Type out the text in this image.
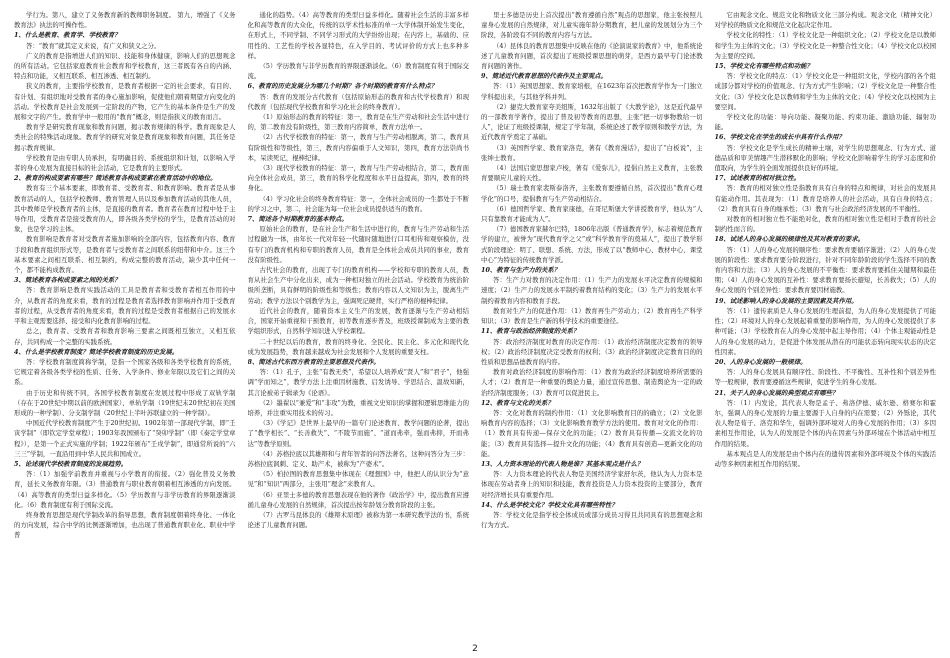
学行为。第八，建立了义务教育新的教师职务制度。 第九，增强了《义务教育法》执法的可操作性。

1、什么是教育、教育学、学校教育？

答：“教育”就其定义来说，有广义和狭义之分。

广义的教育是指增进人们的知识、技能和身体健康，影响人们的思想观念的所有活动。它包括家庭教育社会教育和学校教育，这三者既有各自的内涵、特点和功能，又相互联系、相互渗透、相互制约。

狭义的教育，主要指学校教育，是教育者根据一定的社会要求，有目的、有计划、有组织地对受教育者的身心施加影响，促使他们朝着期望方向变化的活动。学校教育是社会发展到一定阶段的产物，它产生的基本条件是生产的发展和文字的产生。教育学中一般用的“教育”概念，则是指狭义的教育而言。

教育学是研究教育现象和教育问题，揭示教育规律的科学。教育现象是人类社会的特殊活动现象。教育学的研究对象是教育现象和教育问题，其任务是揭示教育规律。

学校教育是由专职人员承担，有明确目的、系统组织和计划，以影响入学者的身心发展为直接目标的社会活动，它是教育的主要形式。

2、教育的构成要素有哪些？简述教育各构成要素在教育活动中的地位。

教育有三个基本要素，即教育者、受教育者、和教育影响。教育者是从事教育活动的人，包括学校教师、教育管理人员以及参加教育活动的其他人员，其中教师是学校教育者的主体，是直接的教育者。教育者在教育过程中处于主导作用，受教育者是接受教育的人，即各级各类学校的学生，是教育活动的对象，也是学习的主体。

教育影响是教育者对受教育者施加影响的全部内容，包括教育内容、教育手段和教育组织形式等，是教育者与受教育者之间联系的纽带和中介。这三个基本要素之间相互联系、相互制约，构成完整的教育活动，缺少其中任何一个，都不能构成教育。

3、简述教育各构成要素之间的关系？

答：教育影响是教育实践活动的工具是教育者和受教育者相互作用的中介，从教育者的角度来看，教育的过程是教育者选择教育影响并作用于受教育者的过程，从受教育者的角度来看，教育的过程是受教育者根据自己的发展水平和主观需要选择、接受和内化教育影响的过程。

总之，教育者、受教育者和教育影响三要素之间既相互独立，又相互依存，共同构成一个完整的实践系统。

4、什么是学校教育制度？简述学校教育制度的历史发展。

答：学校教育制度简称学制，是指一个国家各级和各类学校教育的系统，它规定着各级各类学校的性质、任务、入学条件、修业年限以及它们之间的关系。

由于历史和传统不同，各国学校教育制度在发展过程中形成了双轨学制（存在于20世纪中期以前的欧洲国家）、单轨学制（19世纪末20世纪初在美国形成的一种学制）、分支制学制（20世纪上半叶苏联建立的一种学制）。

中国近代学校教育制度产生于20世纪初。1902年第一部现代学制，即“壬寅学制”（即钦定学堂章程）；1903年我国颁布了“癸卯学制”（即《奏定学堂章程》），是第一个正式实施的学制；1922年颁布“壬戌学制”，即通常所说的“六三三”学制，一直沿用到中华人民共和国成立。

5、论述现代学校教育制度的发展趋势。

答：（1）加强学前教育并重视与小学教育的衔接。（2）强化普及义务教育，延长义务教育年限。（3）普通教育与职业教育朝着相互渗透的方向发展。（4）高等教育的类型日益多样化。（5）学历教育与非学历教育的界限逐渐淡化。（6）教育制度有利于国际交流。

终身教育思想是现代学制改革的指导思想，教育制度朝着终身化、一体化的方向发展，综合中学的比例逐渐增加，也出现了普通教育职业化、职业中学普

通化的趋势。（4）高等教育的类型日益多样化。随着社会生活的丰富多样化和高等教育的大众化，传统的以学术性标准的单一大学体制开始发生变化，在形式上，不同学制、不同学习形式的大学纷纷出现；在内容上，基础的、应用性的、工艺性的学校各显特色，在入学目的、考试评价的方式上也多种多样。

（5）学历教育与非学历教育的界限逐渐淡化。（6）教育制度有利于国际交流。

6、教育的历史发展分为哪几个时期？各个时期的教育有什么特点？

答：教育的发展分古代教育（包括原始形态的教育和古代学校教育）和现代教育（包括现代学校教育和学习化社会的终身教育）。

（1）原始形态的教育的特征：第一，教育是在生产劳动和社会生活中进行的，第二教育没有阶级性，第三教育内容简单，教育方法单一。

（2）古代学校教育的特征：第一，教育与生产劳动相脱离，第二，教育具有阶级性和等级性，第三，教育内容偏重于人文知识，第四，教育方法崇尚书本，呆读死记，棍棒纪律。

（3）现代学校教育的特征：第一，教育与生产劳动相结合，第二，教育面向全体社会成员，第三，教育的科学化程度和水平日益提高，第四，教育的终身化。

（4）学习化社会的终身教育特征：第一，全体社会成员的一生都处于不断的学习之中，第二，社会能为每一位社会成员提供适当的教育。

7、简述各个时期教育的基本特点。

原始社会的教育，是在社会生产和生活中进行的，教育与生产劳动和生活过程融为一体，由年长一代对年轻一代随时随地进行口耳相传和观察模仿，没有专门的教育机构和专职的教育人员，教育是全体社会成员共同的事业，教育没有阶级性。

古代社会的教育，出现了专门的教育机构——学校和专职的教育人员，教育从社会生产中分化出来，成为一种相对独立的社会活动。学校教育为统治阶级所垄断，具有鲜明的阶级性和等级性；教育内容以人文知识为主，脱离生产劳动；教学方法以个别教学为主，强调死记硬背，实行严格的棍棒纪律。

近代社会的教育，随着资本主义生产的发展，教育逐渐与生产劳动相结合，国家开始重视和干预教育，初等教育逐步普及，班级授课制成为主要的教学组织形式，自然科学知识进入学校课程。

二十世纪以后的教育，教育的终身化、全民化、民主化、多元化和现代化成为发展趋势，教育越来越成为社会发展和个人发展的重要支柱。

8、简述古代东西方教育的主要思想及代表作。

答：（1）孔子，主张“有教无类”，希望以人培养成“贤人”和“君子”，他强调“学而知之”，教学方法上注重因材施教、启发诱导、学思结合、温故知新，其言论被弟子辑录为《论语》。

（2）墨翟以“兼爱”和“非攻”为教，重视文史知识的掌握和逻辑思维能力的培养，并注重实用技术的传习。

（3）《学记》是世界上最早的一篇专门论述教育、教学问题的论著，提出了“教学相长”、“长善救失”、“不陵节而施”、“道而弗牵，强而弗抑，开而弗达”等教学原则。

（4）苏格拉底以其雄辩和与青年智者的问答法著名，这种问答分为三步：苏格拉底讽刺、定义、助产术，被称为“产婆术”。

（5）柏拉图的教育思想集中体现在《理想国》中，他把人的认识分为“意见”和“知识”两部分，主张用“理念”来教育人。

（6）亚里士多德的教育思想表现在他的著作《政治学》中，提出教育应遵循儿童身心发展的自然规律，首次提出按年龄划分教育阶段的主张。

（7）古罗马昆体良的《雄辩术原理》被称为第一本研究教学法的书，系统论述了儿童教育问题。

里士多德是历史上首次提出“教育遵循自然”观点的思想家，他主张按照儿童身心发展的自然规律，对儿童实施年龄分期教育，把儿童的发展划分为三个阶段，各阶段有不同的教育内容与方法。

（4）昆体良的教育思想集中反映在他的《论演说家的教育》中，他系统论述了儿童教育问题，首次提出了班级授课思想的萌芽，是西方最早专门论述教育问题的著作。

9、简述近代教育思想的代表作及主要观点。

答：（1）英国思想家、教育家培根，在1623年首次把教育学作为一门独立学科提出来，与其他学科并列。

（2）捷克大教育家夸美纽斯，1632年出版了《大教学论》，这是近代最早的一部教育学著作，提出了普及初等教育的思想，主张“把一切事物教给一切人”，论证了班级授课制，规定了学年制，系统论述了教学原则和教学方法，为近代教育学奠定了基础。

（3）英国哲学家、教育家洛克，著有《教育漫话》，提出了“白板说”，主张绅士教育。

（4）法国启蒙思想家卢梭，著有《爱弥儿》，提倡自然主义教育，主张教育要顺应儿童的天性。

（5）瑞士教育家裴斯泰洛齐，主张教育要遵循自然，首次提出“教育心理学化”的口号，提倡教育与生产劳动相结合。

（6）德国哲学家、教育家康德，在哥尼斯堡大学讲授教育学，他认为“人只有靠教育才能成为人”。

（7）德国教育家赫尔巴特，1806年出版《普通教育学》，标志着规范教育学的建立，被誉为“现代教育学之父”或“科学教育学的奠基人”，提出了教学形式阶段理论：明了、联想、系统、方法，形成了以“教师中心、教材中心、课堂中心”为特征的传统教育学派。

10、教育与生产力的关系？

答：生产力对教育的决定作用：（1）生产力的发展水平决定教育的规模和速度；（2）生产力的发展水平制约着教育结构的变化；（3）生产力的发展水平制约着教育内容和教育手段。

教育对生产力的促进作用：（1）教育再生产劳动力；（2）教育再生产科学知识；（3）教育是生产新的科学技术的重要途径。

11、教育与政治经济制度的关系？

答：政治经济制度对教育的决定作用：（1）政治经济制度决定教育的领导权；（2）政治经济制度决定受教育的权利；（3）政治经济制度决定教育目的的性质和思想品德教育的内容。

教育对政治经济制度的影响作用：（1）教育为政治经济制度培养所需要的人才；（2）教育是一种重要的舆论力量，通过宣传思想、制造舆论为一定的政治经济制度服务；（3）教育可以促进民主。

12、教育与文化的关系？

答：文化对教育的制约作用：（1）文化影响教育目的的确立；（2）文化影响教育内容的选择；（3）文化影响教育教学方法的使用。教育对文化的作用：（1）教育具有传递—保存文化的功能；（2）教育具有传播—交流文化的功能；（3）教育具有选择—提升文化的功能；（4）教育具有创造—更新文化的功能。

13、人力资本理论的代表人物是谁？其基本观点是什么？

答：人力资本理论的代表人物是美国经济学家舒尔茨，他认为人力资本是体现在劳动者身上的知识和技能，教育投资是人力资本投资的主要部分，教育对经济增长具有重要作用。

14、什么是学校文化？学校文化具有哪些特性？

答：学校文化是指学校全体成员或部分成员习得且共同具有的思想观念和行为方式。

它由观念文化、规范文化和物质文化三部分构成。观念文化（精神文化）对学校的物质文化和规范文化起决定作用。

学校文化的特性：（1）学校文化是一种组织文化；（2）学校文化是以教师和学生为主体的文化；（3）学校文化是一种整合性文化；（4）学校文化以校园为主要的空间。

15、学校文化有哪些特点和功能？

答：学校文化的特点：（1）学校文化是一种组织文化，学校内部的各个组成部分都对学校的价值观念、行为方式产生影响；（2）学校文化是一种整合性文化；（3）学校文化是以教师和学生为主体的文化；（4）学校文化以校园为主要空间。

学校文化的功能：导向功能、凝聚功能、约束功能、激励功能、辐射功能。

16、学校文化在学生的成长中具有什么作用？

答：学校文化是学生成长的精神土壤，对学生的思想观念、行为方式、道德品质和审美情趣产生潜移默化的影响；学校文化影响着学生的学习态度和价值取向，为学生的全面发展提供良好的环境。

17、试述教育的相对独立性。

答：教育的相对独立性是指教育具有自身的特点和规律，对社会的发展具有能动作用。其表现为：（1）教育是培养人的社会活动，具有自身的特点；（2）教育具有自身的继承性；（3）教育与社会政治经济发展的不平衡性。

对教育的相对独立性不能绝对化，教育的相对独立性是相对于教育的社会制约性而言的。

18、试述人的身心发展的规律性及其对教育的要求。

答：（1）人的身心发展的顺序性：要求教育要循序渐进；（2）人的身心发展的阶段性：要求教育要分阶段进行，针对不同年龄阶段的学生选择不同的教育内容和方法；（3）人的身心发展的不平衡性：要求教育要抓住关键期和最佳期；（4）人的身心发展的互补性：要求教育要扬长避短，长善救失；（5）人的身心发展的个别差异性：要求教育要因材施教。

19、试述影响人的身心发展的主要因素及其作用。

答：（1）遗传素质是人身心发展的生理前提，为人的身心发展提供了可能性；（2）环境对人的身心发展起着重要的影响作用，为人的身心发展提供了多种可能；（3）学校教育在人的身心发展中起主导作用；（4）个体主观能动性是人的身心发展的动力，是促进个体发展从潜在的可能状态转向现实状态的决定性因素。

20、人的身心发展的一般规律。

答：人的身心发展具有顺序性、阶段性、不平衡性、互补性和个别差异性等一般规律，教育要遵循这些规律，促进学生的身心发展。

21、关于人的身心发展的典型观点有哪些？

答：（1）内发论，其代表人物是孟子、弗洛伊德、威尔逊、格赛尔和霍尔，强调人的身心发展的力量主要源于人自身的内在需要；（2）外铄论，其代表人物是荀子、洛克和华生，强调外部环境对人的身心发展的作用；（3）多因素相互作用论，认为人的发展是个体的内在因素与外部环境在个体活动中相互作用的结果。

基本观点是人的发展是由个体内在的遗传因素和外部环境及个体的实践活动等多种因素相互作用的结果。

2
